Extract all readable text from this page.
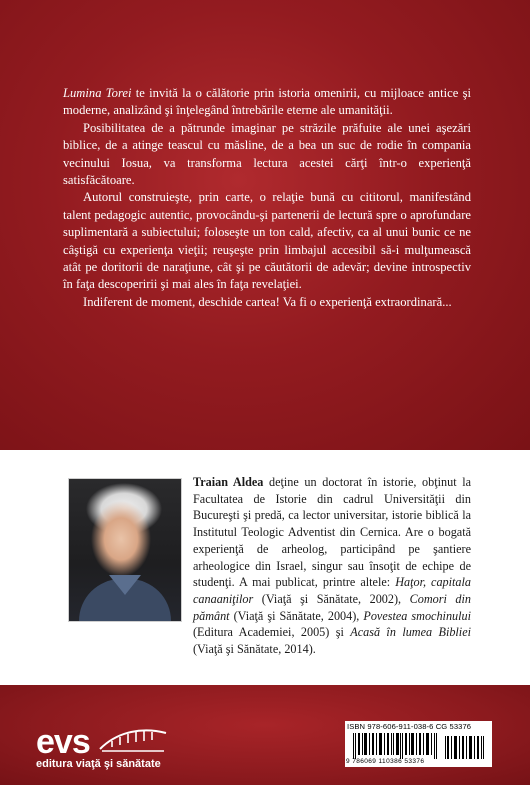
Lumina Torei te invită la o călătorie prin istoria omenirii, cu mijloace antice şi moderne, analizând şi înţelegând întrebările eterne ale umanităţii.

Posibilitatea de a pătrunde imaginar pe străzile prăfuite ale unei aşezări biblice, de a atinge teascul cu măsline, de a bea un suc de rodie în compania vecinului Iosua, va transforma lectura acestei cărţi într-o experienţă satisfăcătoare.

Autorul construieşte, prin carte, o relaţie bună cu cititorul, manifestând talent pedagogic autentic, provocându-şi partenerii de lectură spre o aprofundare suplimentară a subiectului; foloseşte un ton cald, afectiv, ca al unui bunic ce ne câştigă cu experienţa vieţii; reuşeşte prin limbajul accesibil să-i mulţumească atât pe doritorii de naraţiune, cât şi pe căutătorii de adevăr; devine introspectiv în faţa descoperirii şi mai ales în faţa revelaţiei.

Indiferent de moment, deschide cartea! Va fi o experienţă extraordinară...

Traian Aldea deţine un doctorat în istorie, obţinut la Facultatea de Istorie din cadrul Universităţii din Bucureşti şi predă, ca lector universitar, istorie biblică la Institutul Teologic Adventist din Cernica. Are o bogată experienţă de arheolog, participând pe şantiere arheologice din Israel, singur sau însoţit de echipe de studenţi. A mai publicat, printre altele: Haţor, capitala canaaniţilor (Viaţă şi Sănătate, 2002), Comori din pământ (Viaţă şi Sănătate, 2004), Povestea smochinului (Editura Academiei, 2005) şi Acasă în lumea Bibliei (Viaţă şi Sănătate, 2014).
evs
editura viaţă şi sănătate
ISBN 978-606-911-038-6 CG 53376
9 786069 110386 53376
